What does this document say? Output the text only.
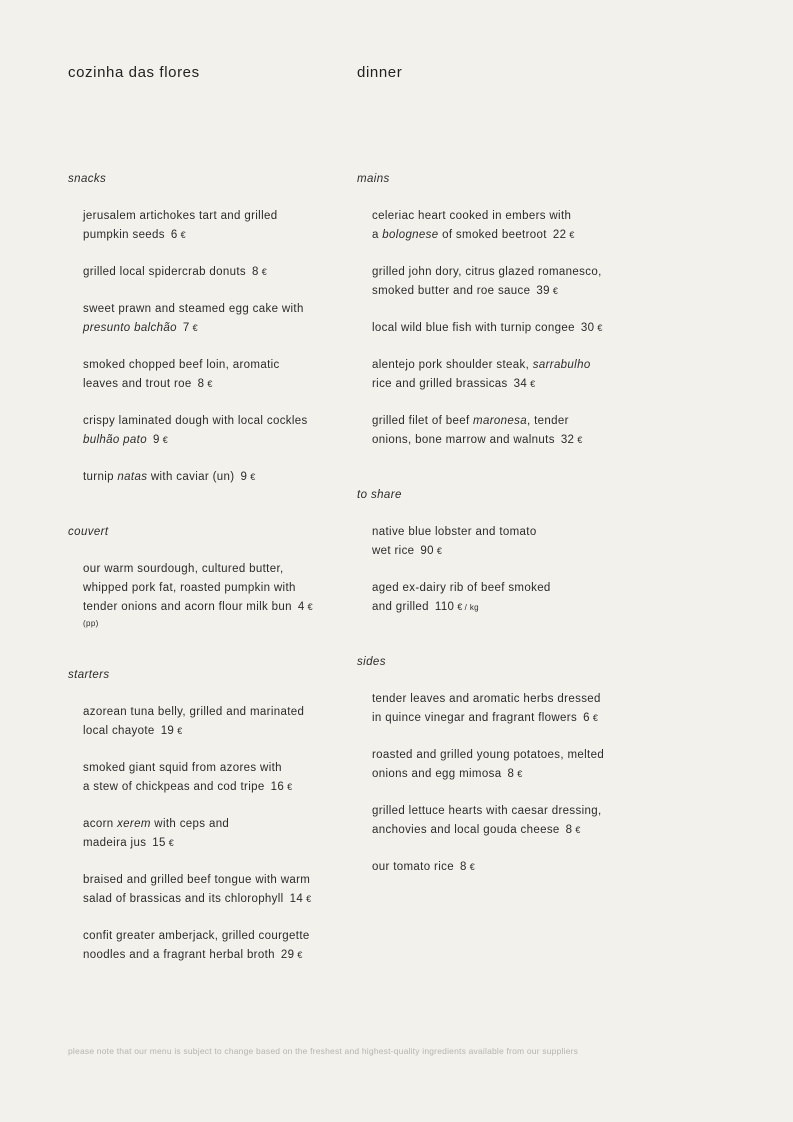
cozinha das flores	dinner
snacks
jerusalem artichokes tart and grilled
pumpkin seeds 6 €
grilled local spidercrab donuts 8 €
sweet prawn and steamed egg cake with
presunto balchão 7 €
smoked chopped beef loin, aromatic
leaves and trout roe 8 €
crispy laminated dough with local cockles
bulhão pato 9 €
turnip natas with caviar (un) 9 €
couvert
our warm sourdough, cultured butter,
whipped pork fat, roasted pumpkin with
tender onions and acorn flour milk bun 4 €
(pp)
starters
azorean tuna belly, grilled and marinated
local chayote 19 €
smoked giant squid from azores with
a stew of chickpeas and cod tripe 16 €
acorn xerem with ceps and
madeira jus 15 €
braised and grilled beef tongue with warm
salad of brassicas and its chlorophyll 14 €
confit greater amberjack, grilled courgette
noodles and a fragrant herbal broth 29 €
mains
celeriac heart cooked in embers with
a bolognese of smoked beetroot 22 €
grilled john dory, citrus glazed romanesco,
smoked butter and roe sauce 39 €
local wild blue fish with turnip congee 30 €
alentejo pork shoulder steak, sarrabulho
rice and grilled brassicas 34 €
grilled filet of beef maronesa, tender
onions, bone marrow and walnuts 32 €
to share
native blue lobster and tomato
wet rice 90 €
aged ex-dairy rib of beef smoked
and grilled 110 € / kg
sides
tender leaves and aromatic herbs dressed
in quince vinegar and fragrant flowers 6 €
roasted and grilled young potatoes, melted
onions and egg mimosa 8 €
grilled lettuce hearts with caesar dressing,
anchovies and local gouda cheese 8 €
our tomato rice 8 €
please note that our menu is subject to change based on the freshest and highest-quality ingredients available from our suppliers
